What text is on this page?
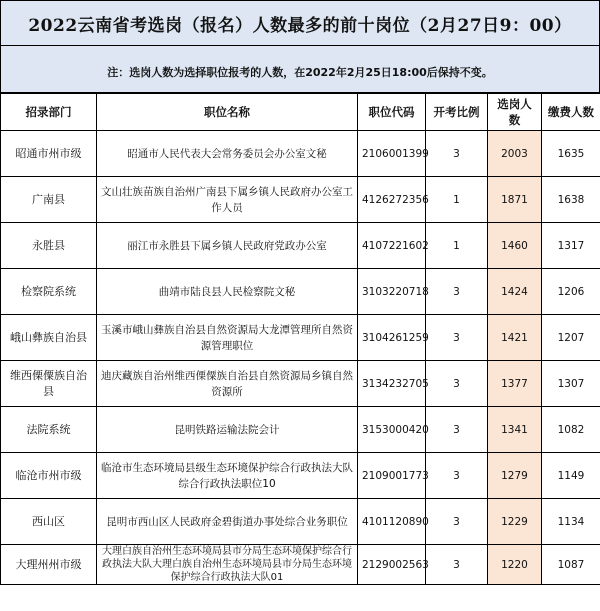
2022云南省考选岗（报名）人数最多的前十岗位（2月27日9：00）
注：选岗人数为选择职位报考的人数，在2022年2月25日18:00后保持不变。
招录部门	职位名称	职位代码	开考比例	选岗人数	缴费人数
昭通市州市级	昭通市人民代表大会常务委员会办公室文秘	2106001399	3	2003	1635
广南县	文山壮族苗族自治州广南县下属乡镇人民政府办公室工作人员	4126272356	1	1871	1638
永胜县	丽江市永胜县下属乡镇人民政府党政办公室	4107221602	1	1460	1317
检察院系统	曲靖市陆良县人民检察院文秘	3103220718	3	1424	1206
峨山彝族自治县	玉溪市峨山彝族自治县自然资源局大龙潭管理所自然资源管理职位	3104261259	3	1421	1207
维西傈僳族自治县	迪庆藏族自治州维西傈僳族自治县自然资源局乡镇自然资源所	3134232705	3	1377	1307
法院系统	昆明铁路运输法院会计	3153000420	3	1341	1082
临沧市州市级	临沧市生态环境局县级生态环境保护综合行政执法大队综合行政执法职位10	2109001773	3	1279	1149
西山区	昆明市西山区人民政府金碧街道办事处综合业务职位	4101120890	3	1229	1134
大理州州市级	大理白族自治州生态环境局县市分局生态环境保护综合行政执法大队大理白族自治州生态环境局县市分局生态环境保护综合行政执法大队01	2129002563	3	1220	1087
